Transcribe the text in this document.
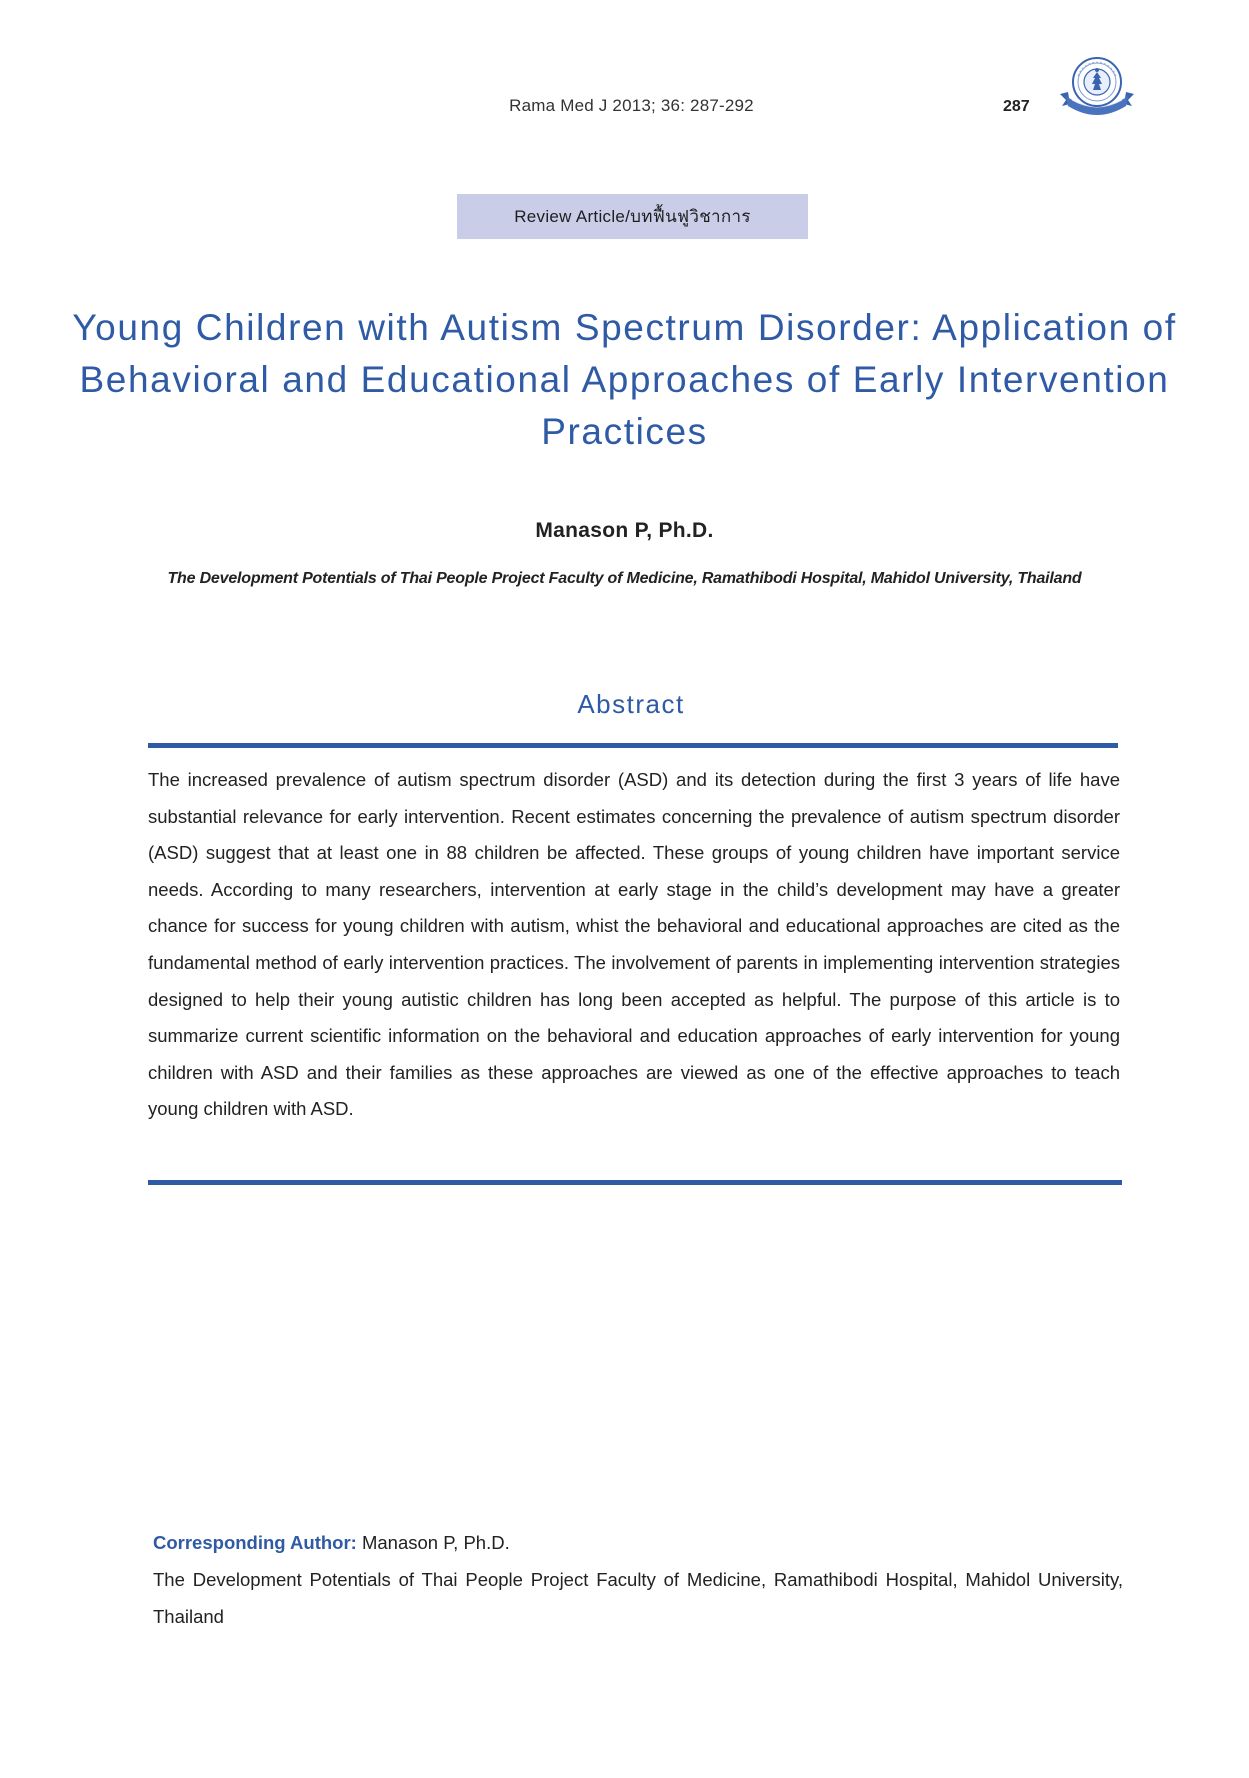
Rama Med J 2013; 36: 287-292	287
Review Article/บทฟื้นฟูวิชาการ
Young Children with Autism Spectrum Disorder: Application of Behavioral and Educational Approaches of Early Intervention Practices
Manason P, Ph.D.
The Development Potentials of Thai People Project Faculty of Medicine, Ramathibodi Hospital, Mahidol University, Thailand
Abstract

The increased prevalence of autism spectrum disorder (ASD) and its detection during the first 3 years of life have substantial relevance for early intervention. Recent estimates concerning the prevalence of autism spectrum disorder (ASD) suggest that at least one in 88 children be affected. These groups of young children have important service needs. According to many researchers, intervention at early stage in the child’s development may have a greater chance for success for young children with autism, whist the behavioral and educational approaches are cited as the fundamental method of early intervention practices. The involvement of parents in implementing intervention strategies designed to help their young autistic children has long been accepted as helpful. The purpose of this article is to summarize current scientific information on the behavioral and education approaches of early intervention for young children with ASD and their families as these approaches are viewed as one of the effective approaches to teach young children with ASD.

Corresponding Author: Manason P, Ph.D.
The Development Potentials of Thai People Project Faculty of Medicine, Ramathibodi Hospital, Mahidol University, Thailand
